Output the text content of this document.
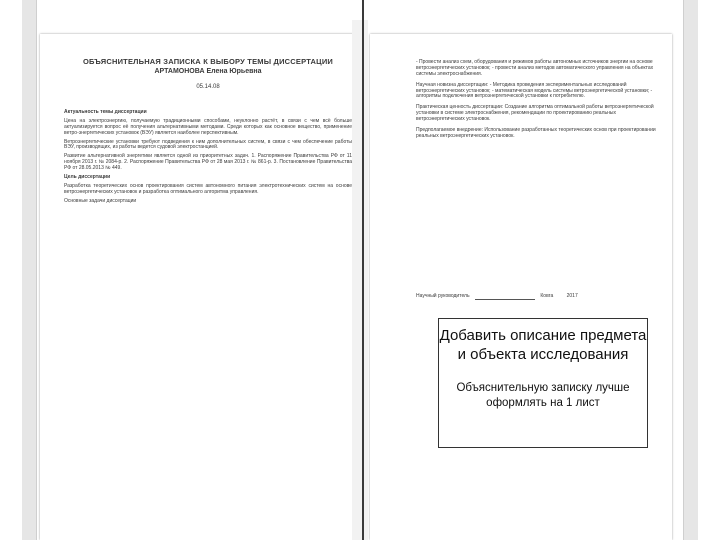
ОБЪЯСНИТЕЛЬНАЯ ЗАПИСКА К ВЫБОРУ ТЕМЫ ДИССЕРТАЦИИ
АРТАМОНОВА Елена Юрьевна
05.14.08

Актуальность темы диссертации

Цена на электроэнергию, получаемую традиционными способами, неуклонно растёт, в связи с чем всё больше актуализируется вопрос её получения альтернативными методами. Среди которых как основное вещество, применение ветро-энергетических установок (ВЭУ) является наиболее перспективным.

Ветроэнергетические установки требуют подведения к ним дополнительных систем, в связи с чем обеспечение работы ВЭУ, производящих, из работы ведется судовой электростанцией.

Развитие альтернативной энергетики является одной из приоритетных задач. 1. Распоряжение Правительства РФ от 11 ноября 2013 г. № 2084-р. 2. Распоряжение Правительства РФ от 28 мая 2013 г. № 861-р. 3. Постановление Правительства РФ от 28.05.2013 № 449.

Цель диссертации

Разработка теоретических основ проектирования систем автономного питания электротехнических систем на основе ветроэнергетических установок и разработка оптимального алгоритма управления.

Основные задачи диссертации

- Провести анализ схем, оборудования и режимов работы автономных источников энергии на основе ветроэнергетических установок; - провести анализ методов автоматического управления на объектах системы электроснабжения.

Научная новизна диссертации: - Методика проведения экспериментальных исследований ветроэнергетических установок; - математическая модель системы ветроэнергетической установки; - алгоритмы подключения ветроэнергетической установки к потребителю.

Практическая ценность диссертации: Создание алгоритма оптимальной работы ветроэнергетической установки в системе электроснабжения, рекомендации по проектированию реальных ветроэнергетических установок.

Предполагаемое внедрение: Использование разработанных теоретических основ при проектировании реальных ветроэнергетических установок.

Научный руководитель	Ковга	2017
Добавить описание предмета и объекта исследования
Объяснительную записку лучше оформлять на 1 лист
